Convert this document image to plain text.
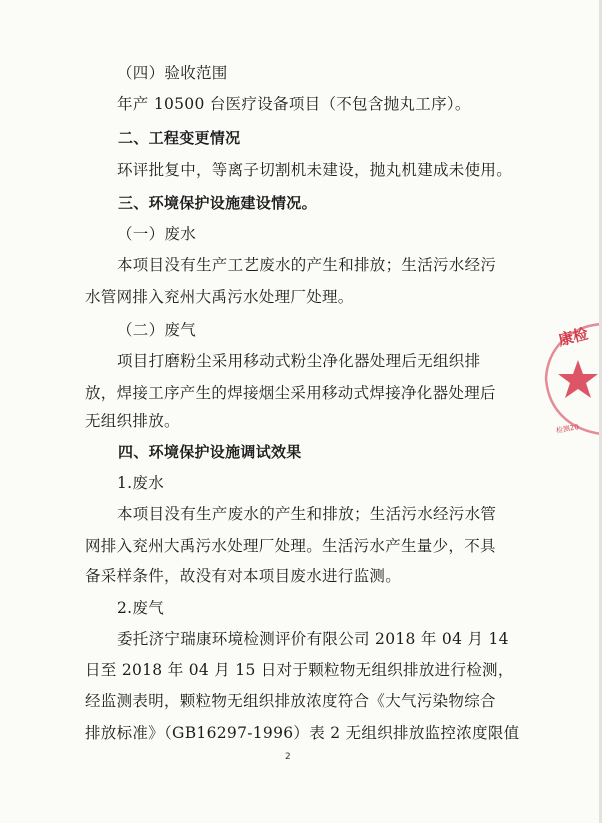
（四）验收范围
年产 10500 台医疗设备项目（不包含抛丸工序）。
二、工程变更情况
环评批复中，等离子切割机未建设，抛丸机建成未使用。
三、环境保护设施建设情况。
（一）废水
本项目没有生产工艺废水的产生和排放；生活污水经污
水管网排入兖州大禹污水处理厂处理。
（二）废气
项目打磨粉尘采用移动式粉尘净化器处理后无组织排
放，焊接工序产生的焊接烟尘采用移动式焊接净化器处理后
无组织排放。
四、环境保护设施调试效果
1.废水
本项目没有生产废水的产生和排放；生活污水经污水管
网排入兖州大禹污水处理厂处理。生活污水产生量少，不具
备采样条件，故没有对本项目废水进行监测。
2.废气
委托济宁瑞康环境检测评价有限公司 2018 年 04 月 14
日至 2018 年 04 月 15 日对于颗粒物无组织排放进行检测，
经监测表明，颗粒物无组织排放浓度符合《大气污染物综合
排放标准》（GB16297-1996）表 2 无组织排放监控浓度限值
2
康检
检测20
